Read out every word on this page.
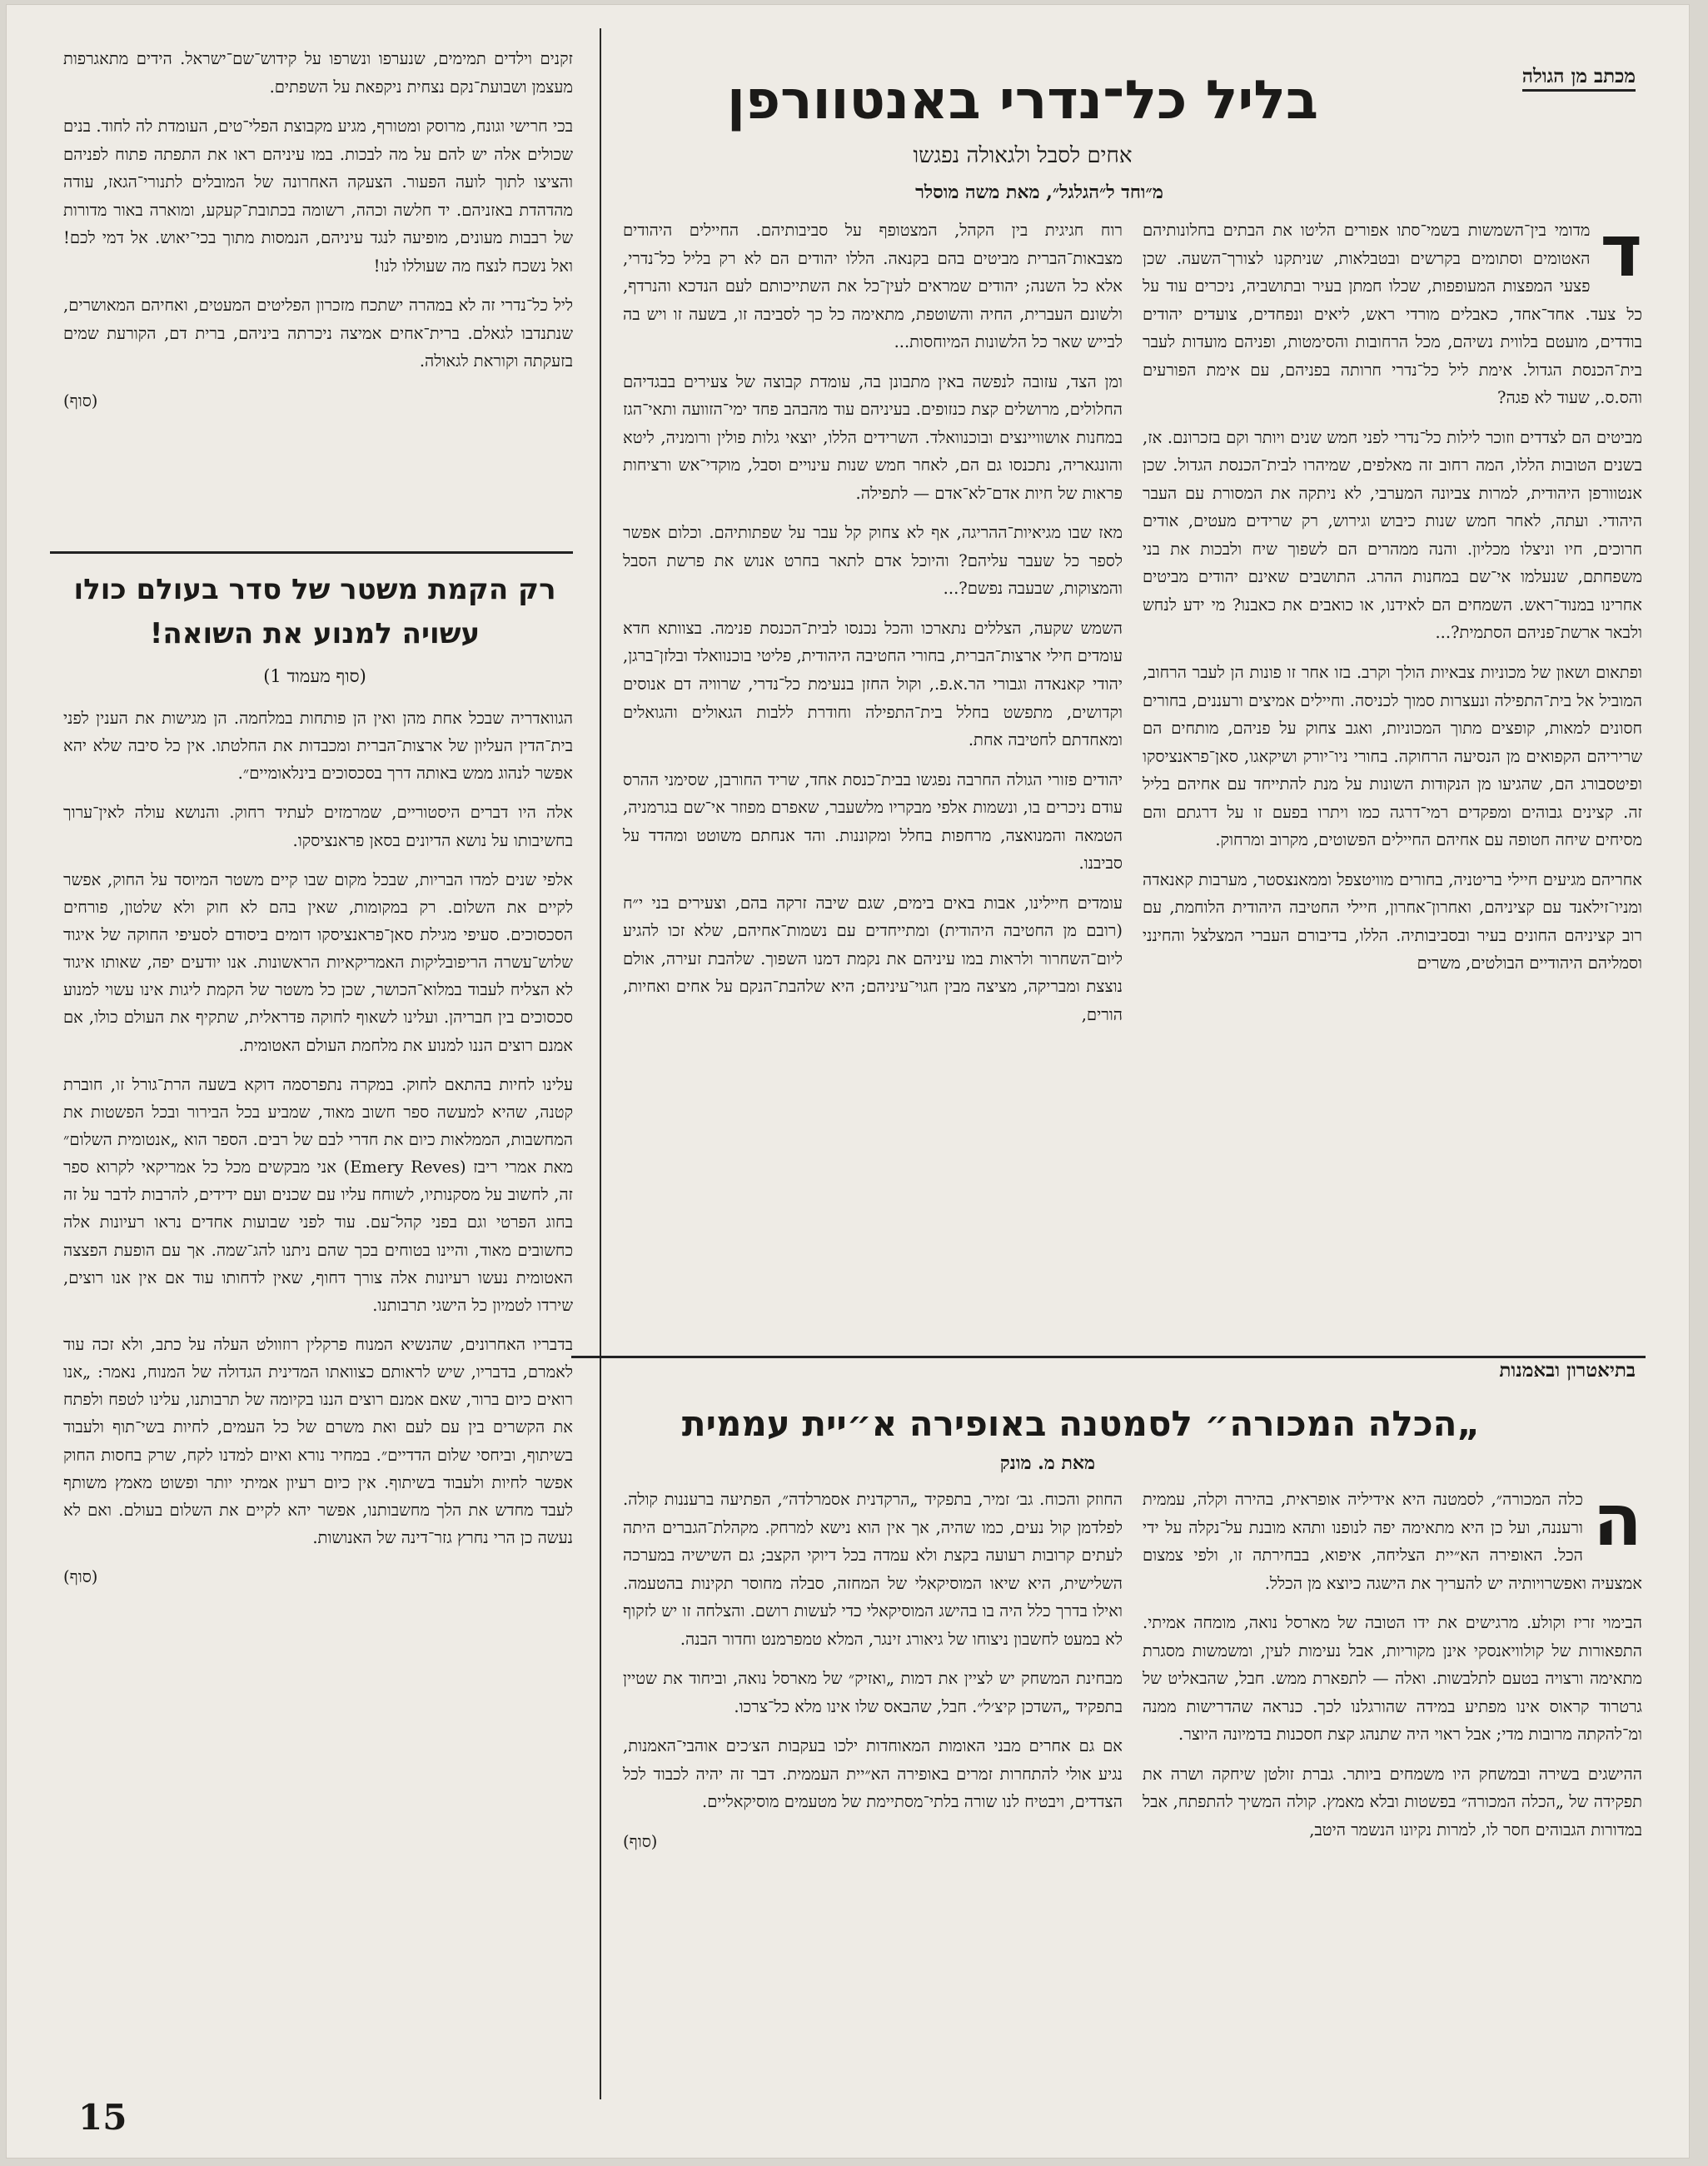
מכתב מן הגולה
בליל כל־נדרי באנטוורפן
אחים לסבל ולגאולה נפגשו
מ״וחד ל״הגלגל״, מאת משה מוסלר

ד
מדומי בין־השמשות בשמי־סתו אפורים הליטו את הבתים בחלונותיהם האטומים וסתומים בקרשים ובטבלאות, שניתקנו לצורך־השעה. שכן פצעי המפצות המעופפות, שכלו חמתן בעיר ובתושביה, ניכרים עוד על כל צעד. אחד־אחד, כאבלים מורדי ראש, ליאים ונפחדים, צועדים יהודים בודדים, מועטם בלווית נשיהם, מכל הרחובות והסימטות, ופניהם מועדות לעבר בית־הכנסת הגדול. אימת ליל כל־נדרי חרותה בפניהם, עם אימת הפורעים והס.ס., שעוד לא פגה?

מביטים הם לצדדים וזוכר לילות כל־נדרי לפני חמש שנים ויותר וקם בזכרונם. אז, בשנים הטובות הללו, המה רחוב זה מאלפים, שמיהרו לבית־הכנסת הגדול. שכן אנטוורפן היהודית, למרות צביונה המערבי, לא ניתקה את המסורת עם העבר היהודי. ועתה, לאחר חמש שנות כיבוש וגירוש, רק שרידים מעטים, אודים חרוכים, חיו וניצלו מכליון. והנה ממהרים הם לשפוך שיח ולבכות את בני משפחתם, שנעלמו אי־שם במחנות ההרג. התושבים שאינם יהודים מביטים אחרינו במנוד־ראש. השמחים הם לאידנו, או כואבים את כאבנו? מי ידע לנחש ולבאר ארשת־פניהם הסתמית?...

ופתאום ושאון של מכוניות צבאיות הולך וקרב. בזו אחר זו פונות הן לעבר הרחוב, המוביל אל בית־התפילה ונעצרות סמוך לכניסה. וחיילים אמיצים ורעננים, בחורים חסונים למאות, קופצים מתוך המכוניות, ואגב צחוק על פניהם, מותחים הם שריריהם הקפואים מן הנסיעה הרחוקה. בחורי ניו־יורק ושיקאגו, סאן־פראנציסקו ופיטסבורג הם, שהגיעו מן הנקודות השונות על מנת להתייחד עם אחיהם בליל זה. קצינים גבוהים ומפקדים רמי־דרגה כמו ויתרו בפעם זו על דרגתם והם מסיחים שיחה חטופה עם אחיהם החיילים הפשוטים, מקרוב ומרחוק.

אחריהם מגיעים חיילי בריטניה, בחורים מוויטצפל וממאנצסטר, מערבות קאנאדה ומניו־זילאנד עם קציניהם, ואחרון־אחרון, חיילי החטיבה היהודית הלוחמת, עם רוב קציניהם החונים בעיר ובסביבותיה. הללו, בדיבורם העברי המצלצל והחינני וסמליהם היהודיים הבולטים, משרים

רוח חגיגית בין הקהל, המצטופף על סביבותיהם. החיילים היהודים מצבאות־הברית מביטים בהם בקנאה. הללו יהודים הם לא רק בליל כל־נדרי, אלא כל השנה; יהודים שמראים לעין־כל את השתייכותם לעם הנדכא והנרדף, ולשונם העברית, החיה והשוטפת, מתאימה כל כך לסביבה זו, בשעה זו ויש בה לבייש שאר כל הלשונות המיוחסות...

ומן הצד, עזובה לנפשה באין מתבונן בה, עומדת קבוצה של צעירים בבגדיהם החלולים, מרושלים קצת כנזופים. בעיניהם עוד מהבהב פחד ימי־הזוועה ותאי־הגז במחנות אושוויינצים ובוכנוואלד. השרידים הללו, יוצאי גלות פולין ורומניה, ליטא והונגאריה, נתכנסו גם הם, לאחר חמש שנות עינויים וסבל, מוקדי־אש ורציחות פראות של חיות אדם־לא־אדם — לתפילה.

מאז שבו מגיאיות־ההריגה, אף לא צחוק קל עבר על שפתותיהם. וכלום אפשר לספר כל שעבר עליהם? והיוכל אדם לתאר בחרט אנוש את פרשת הסבל והמצוקות, שבעבה נפשם?...

השמש שקעה, הצללים נתארכו והכל נכנסו לבית־הכנסת פנימה. בצוותא חדא עומדים חילי ארצות־הברית, בחורי החטיבה היהודית, פליטי בוכנוואלד ובלזן־ברגן, יהודי קאנאדה וגבורי הר.א.פ., וקול החזן בנעימת כל־נדרי, שרוויה דם אנוסים וקדושים, מתפשט בחלל בית־התפילה וחודרת ללבות הגאולים והגואלים ומאחדתם לחטיבה אחת.

יהודים פזורי הגולה החרבה נפגשו בבית־כנסת אחד, שריד החורבן, שסימני ההרס עודם ניכרים בו, ונשמות אלפי מבקריו מלשעבר, שאפרם מפוזר אי־שם בגרמניה, הטמאה והמנואצה, מרחפות בחלל ומקוננות. והד אנחתם משוטט ומהדד על סביבנו.

עומדים חיילינו, אבות באים בימים, שגם שיבה זרקה בהם, וצעירים בני י״ח (רובם מן החטיבה היהודית) ומתייחדים עם נשמות־אחיהם, שלא זכו להגיע ליום־השחרור ולראות במו עיניהם את נקמת דמנו השפוך. שלהבת זעירה, אולם נוצצת ומבריקה, מציצה מבין חגוי־עיניהם; היא שלהבת־הנקם על אחים ואחיות, הורים,

זקנים וילדים תמימים, שנערפו ונשרפו על קידוש־שם־ישראל. הידים מתאגרפות מעצמן ושבועת־נקם נצחית ניקפאת על השפתים.

בכי חרישי וגונח, מרוסק ומטורף, מגיע מקבוצת הפלי־טים, העומדת לה לחוד. בנים שכולים אלה יש להם על מה לבכות. במו עיניהם ראו את התפתה פתוח לפניהם והציצו לתוך לועה הפעור. הצעקה האחרונה של המובלים לתנורי־הגאז, עודה מהדהדת באזניהם. יד חלשה וכהה, רשומה בכתובת־קעקע, ומוארה באור מדורות של רבבות מעונים, מופיעה לנגד עיניהם, הנמסות מתוך בכי־יאוש. אל דמי לכם! ואל נשכח לנצח מה שעוללו לנו!

ליל כל־נדרי זה לא במהרה ישתכח מזכרון הפליטים המעטים, ואחיהם המאושרים, שנתנדבו לגאלם. ברית־אחים אמיצה ניכרתה ביניהם, ברית דם, הקורעת שמים בזעקתה וקוראת לגאולה.

(סוף)

רק הקמת משטר של סדר בעולם כולו עשויה למנוע את השואה!
(סוף מעמוד 1)

הגוואדריה שבכל אחת מהן ואין הן פותחות במלחמה. הן מגישות את הענין לפני בית־הדין העליון של ארצות־הברית ומכבדות את החלטתו. אין כל סיבה שלא יהא אפשר לנהוג ממש באותה דרך בסכסוכים בינלאומיים״.

אלה היו דברים היסטוריים, שמרמזים לעתיד רחוק. והנושא עולה לאין־ערוך בחשיבותו על נושא הדיונים בסאן פראנציסקו.

אלפי שנים למדו הבריות, שבכל מקום שבו קיים משטר המיוסד על החוק, אפשר לקיים את השלום. רק במקומות, שאין בהם לא חוק ולא שלטון, פורחים הסכסוכים. סעיפי מגילת סאן־פראנציסקו דומים ביסודם לסעיפי החוקה של איגוד שלוש־עשרה הריפובליקות האמריקאיות הראשונות. אנו יודעים יפה, שאותו איגוד לא הצליח לעבוד במלוא־הכושר, שכן כל משטר של הקמת ליגות אינו עשוי למנוע סכסוכים בין חבריהן. ועלינו לשאוף לחוקה פדראלית, שתקיף את העולם כולו, אם אמנם רוצים הננו למנוע את מלחמת העולם האטומית.

עלינו לחיות בהתאם לחוק. במקרה נתפרסמה דוקא בשעה הרת־גורל זו, חוברת קטנה, שהיא למעשה ספר חשוב מאוד, שמביע בכל הבירור ובכל הפשטות את המחשבות, הממלאות כיום את חדרי לבם של רבים. הספר הוא „אנטומית השלום״ מאת אמרי ריבז (Emery Reves) אני מבקשים מכל כל אמריקאי לקרוא ספר זה, לחשוב על מסקנותיו, לשוחח עליו עם שכנים ועם ידידים, להרבות לדבר על זה בחוג הפרטי וגם בפני קהל־עם. עוד לפני שבועות אחדים נראו רעיונות אלה כחשובים מאוד, והיינו בטוחים בכך שהם ניתנו להג־שמה. אך עם הופעת הפצצה האטומית נעשו רעיונות אלה צורך דחוף, שאין לדחותו עוד אם אין אנו רוצים, שירדו לטמיון כל הישגי תרבותנו.

בדבריו האחרונים, שהנשיא המנוח פרקלין רוזוולט העלה על כתב, ולא זכה עוד לאמרם, בדבריו, שיש לראותם כצוואתו המדינית הגדולה של המנוח, נאמר: „אנו רואים כיום ברור, שאם אמנם רוצים הננו בקיומה של תרבותנו, עלינו לטפח ולפתח את הקשרים בין עם לעם ואת משרם של כל העמים, לחיות בשי־תוף ולעבוד בשיתוף, וביחסי שלום הדדיים״. במחיר נורא ואיום למדנו לקח, שרק בחסות החוק אפשר לחיות ולעבוד בשיתוף. אין כיום רעיון אמיתי יותר ופשוט מאמץ משותף לעבד מחדש את הלך מחשבותנו, אפשר יהא לקיים את השלום בעולם. ואם לא נעשה כן הרי נחרץ גזר־דינה של האנושות.

(סוף)

בתיאטרון ובאמנות
„הכלה המכורה״ לסמטנה באופירה א״יית עממית
מאת מ. מונק

ה
כלה המכורה״, לסמטנה היא אידיליה אופראית, בהירה וקלה, עממית ורעננה, ועל כן היא מתאימה יפה לנופנו ותהא מובנת על־נקלה על ידי הכל. האופירה הא״יית הצליחה, איפוא, בבחירתה זו, ולפי צמצום אמצעיה ואפשרויותיה יש להעריך את הישגה כיוצא מן הכלל.

הבימוי זריז וקולע. מרגישים את ידו הטובה של מארסל נואה, מומחה אמיתי. התפאורות של קולוויאנסקי אינן מקוריות, אבל נעימות לעין, ומשמשות מסגרת מתאימה ורצויה בטעם לתלבשות. ואלה — לתפארת ממש. חבל, שהבאליט של גרטרוד קראוס אינו מפתיע במידה שהורגלנו לכך. כנראה שהדרישות ממנה ומ־להקתה מרובות מדי; אבל ראוי היה שתנהג קצת חסכנות בדמיונה היוצר.

ההישגים בשירה ובמשחק היו משמחים ביותר. גברת זולטן שיחקה ושרה את תפקידה של „הכלה המכורה״ בפשטות ובלא מאמץ. קולה המשיך להתפתח, אבל במדורות הגבוהים חסר לו, למרות נקיונו הנשמר היטב,

החוזק והכוח. גב׳ זמיר, בתפקיד „הרקדנית אסמרלדה״, הפתיעה ברעננות קולה. לפלדמן קול נעים, כמו שהיה, אך אין הוא נישא למרחק. מקהלת־הגברים היתה לעתים קרובות רעועה בקצת ולא עמדה בכל דיוקי הקצב; גם השישיה במערכה השלישית, היא שיאו המוסיקאלי של המחזה, סבלה מחוסר תקינות בהטעמה. ואילו בדרך כלל היה בו בהישג המוסיקאלי כדי לעשות רושם. והצלחה זו יש לזקוף לא במעט לחשבון ניצוחו של גיאורג זינגר, המלא טמפרמנט וחדור הבנה.

מבחינת המשחק יש לציין את דמות „ואזיק״ של מארסל נואה, וביחוד את שטיין בתפקיד „השדכן קיצ׳ל״. חבל, שהבאס שלו אינו מלא כל־צרכו.

אם גם אחרים מבני האומות המאוחדות ילכו בעקבות הצ׳כים אוהבי־האמנות, נגיע אולי להתחרות זמרים באופירה הא״יית העממית. דבר זה יהיה לכבוד לכל הצדדים, ויבטיח לנו שורה בלתי־מסתיימת של מטעמים מוסיקאליים.

(סוף)

15
